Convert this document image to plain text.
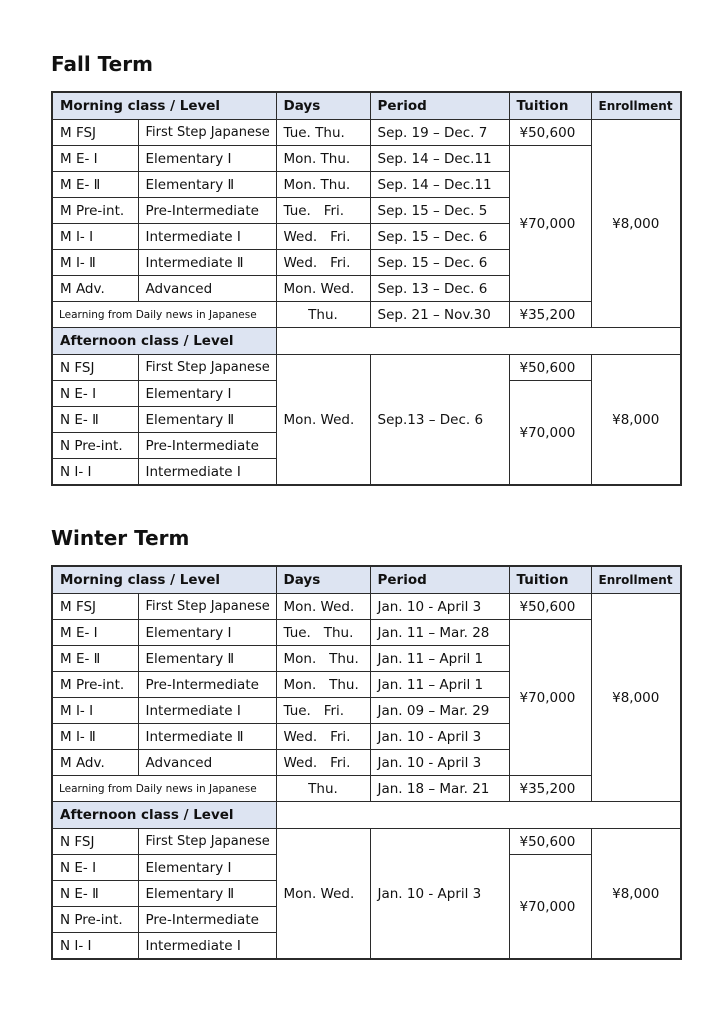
Fall Term
Morning class / Level		Days	Period	Tuition	Enrollment
M FSJ	First Step Japanese	Tue. Thu.	Sep. 19 – Dec. 7	¥50,600	¥8,000
M E- Ⅰ	Elementary Ⅰ	Mon. Thu.	Sep. 14 – Dec.11	¥70,000	
M E- Ⅱ	Elementary Ⅱ	Mon. Thu.	Sep. 14 – Dec.11		
M Pre-int.	Pre-Intermediate	Tue.   Fri.	Sep. 15 – Dec. 5		
M I- Ⅰ	Intermediate Ⅰ	Wed.   Fri.	Sep. 15 – Dec. 6		
M I- Ⅱ	Intermediate Ⅱ	Wed.   Fri.	Sep. 15 – Dec. 6		
M Adv.	Advanced	Mon. Wed.	Sep. 13 – Dec. 6		
Learning from Daily news in Japanese		Thu.	Sep. 21 – Nov.30	¥35,200	
Afternoon class / Level					
N FSJ	First Step Japanese	Mon. Wed.	Sep.13 – Dec. 6	¥50,600	¥8,000
N E- Ⅰ	Elementary Ⅰ			¥70,000	
N E- Ⅱ	Elementary Ⅱ				
N Pre-int.	Pre-Intermediate				
N I- Ⅰ	Intermediate Ⅰ				
Winter Term
Morning class / Level		Days	Period	Tuition	Enrollment
M FSJ	First Step Japanese	Mon. Wed.	Jan. 10 - April 3	¥50,600	¥8,000
M E- Ⅰ	Elementary Ⅰ	Tue.   Thu.	Jan. 11 – Mar. 28	¥70,000	
M E- Ⅱ	Elementary Ⅱ	Mon.   Thu.	Jan. 11 – April 1		
M Pre-int.	Pre-Intermediate	Mon.   Thu.	Jan. 11 – April 1		
M I- Ⅰ	Intermediate Ⅰ	Tue.   Fri.	Jan. 09 – Mar. 29		
M I- Ⅱ	Intermediate Ⅱ	Wed.   Fri.	Jan. 10 - April 3		
M Adv.	Advanced	Wed.   Fri.	Jan. 10 - April 3		
Learning from Daily news in Japanese		Thu.	Jan. 18 – Mar. 21	¥35,200	
Afternoon class / Level					
N FSJ	First Step Japanese	Mon. Wed.	Jan. 10 - April 3	¥50,600	¥8,000
N E- Ⅰ	Elementary Ⅰ			¥70,000	
N E- Ⅱ	Elementary Ⅱ				
N Pre-int.	Pre-Intermediate				
N I- Ⅰ	Intermediate Ⅰ				
